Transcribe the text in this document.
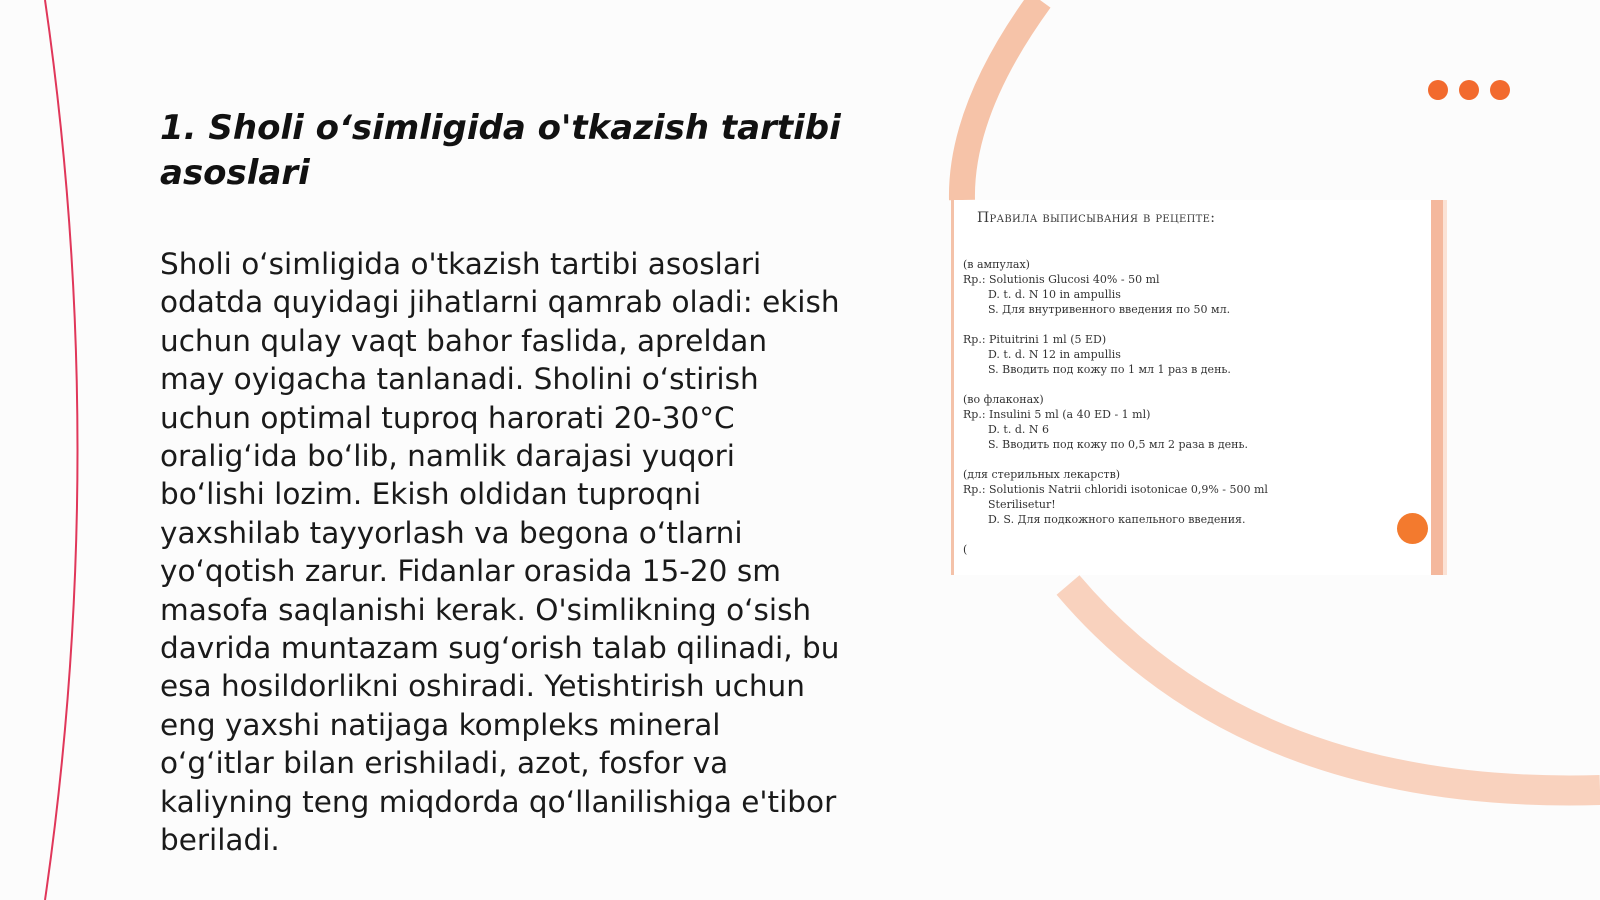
1. Sholi o‘simligida o'tkazish tartibi asoslari

Sholi o‘simligida o'tkazish tartibi asoslari odatda quyidagi jihatlarni qamrab oladi: ekish uchun qulay vaqt bahor faslida, apreldan may oyigacha tanlanadi. Sholini o‘stirish uchun optimal tuproq harorati 20-30°C oralig‘ida bo‘lib, namlik darajasi yuqori bo‘lishi lozim. Ekish oldidan tuproqni yaxshilab tayyorlash va begona o‘tlarni yo‘qotish zarur. Fidanlar orasida 15-20 sm masofa saqlanishi kerak. O'simlikning o‘sish davrida muntazam sug‘orish talab qilinadi, bu esa hosildorlikni oshiradi. Yetishtirish uchun eng yaxshi natijaga kompleks mineral o‘g‘itlar bilan erishiladi, azot, fosfor va kaliyning teng miqdorda qo‘llanilishiga e'tibor beriladi.

Правила выписывания в рецепте:
(в ампулах)
Rp.: Solutionis Glucosi 40% - 50 ml
D. t. d. N 10 in ampullis
S. Для внутривенного введения по 50 мл.
Rp.: Pituitrini 1 ml (5 ED)
D. t. d. N 12 in ampullis
S. Вводить под кожу по 1 мл 1 раз в день.
(во флаконах)
Rp.: Insulini 5 ml (a 40 ED - 1 ml)
D. t. d. N 6
S. Вводить под кожу по 0,5 мл 2 раза в день.
(для стерильных лекарств)
Rp.: Solutionis Natrii chloridi isotonicae 0,9% - 500 ml
Sterilisetur!
D. S. Для подкожного капельного введения.
(
